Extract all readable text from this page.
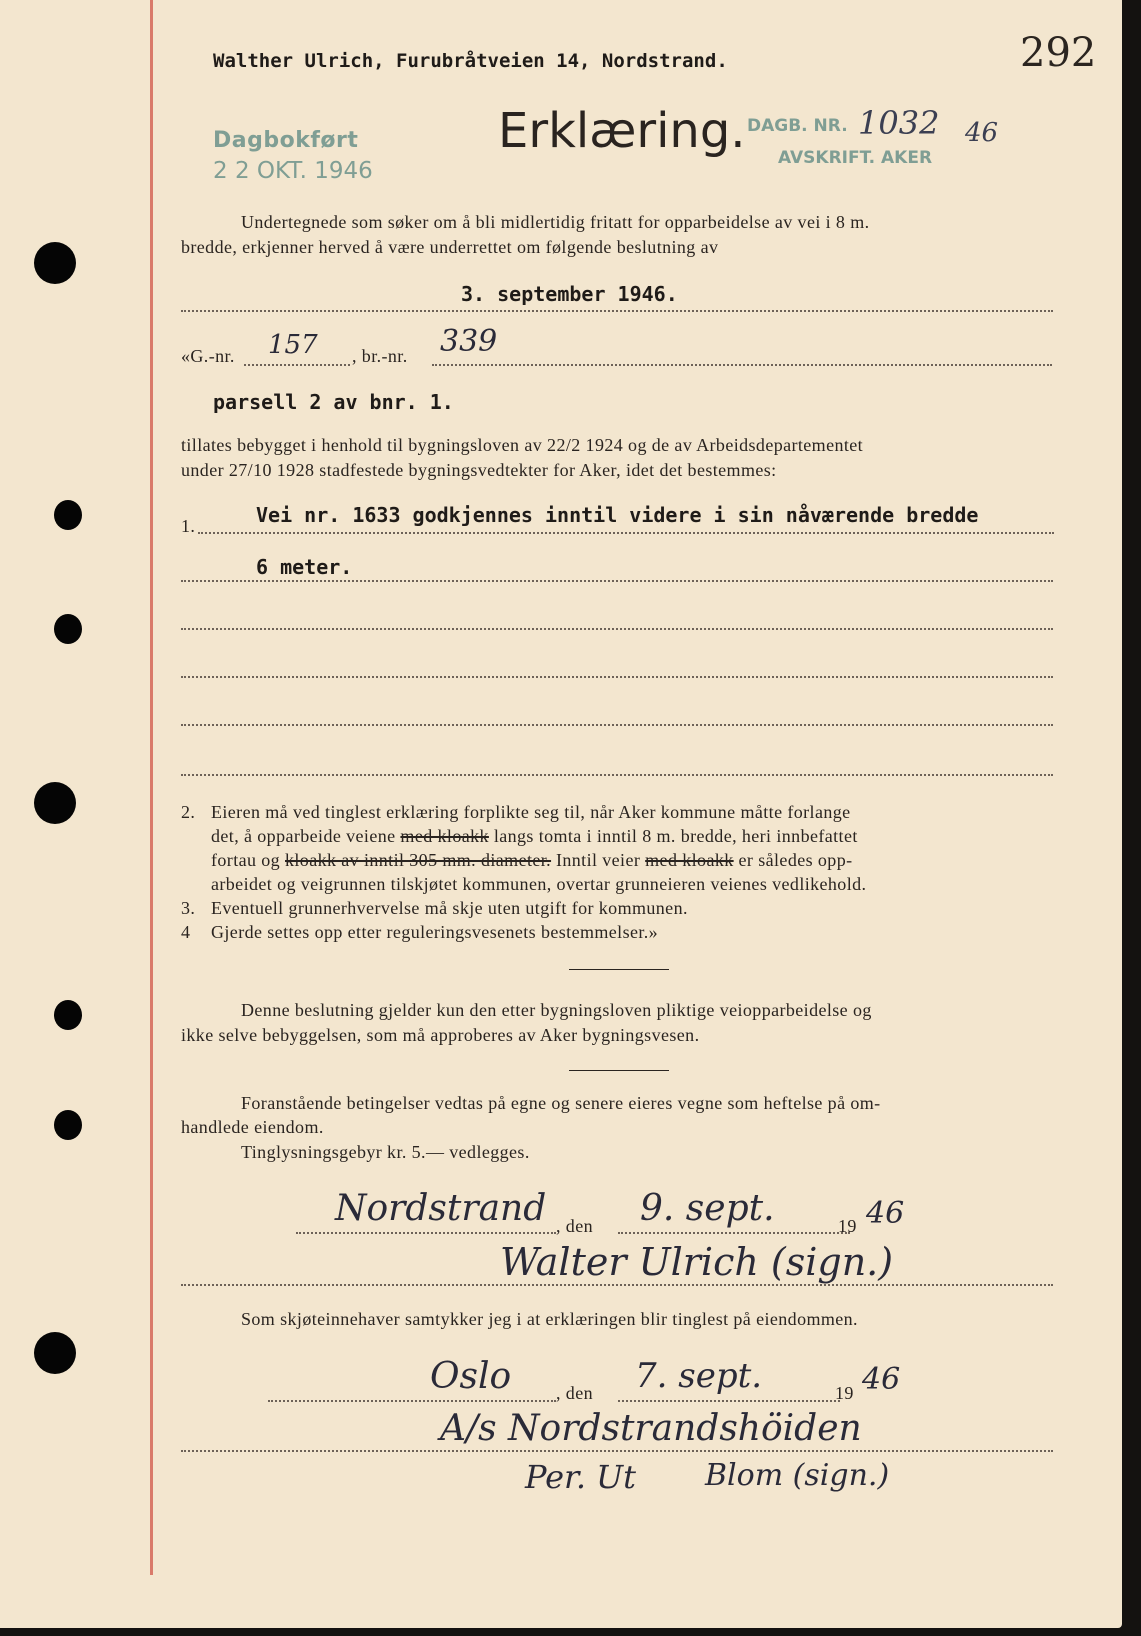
Walther Ulrich, Furubråtveien 14, Nordstrand.	292
Dagbokført
2 2 OKT. 1946
Erklæring. DAGB. NR. 1032 46
AVSKRIFT. AKER
Undertegnede som søker om å bli midlertidig fritatt for opparbeidelse av vei i 8 m.
bredde, erkjenner herved å være underrettet om følgende beslutning av
3. september 1946.
«G.-nr. 157 , br.-nr. 339
parsell 2 av bnr. 1.
tillates bebygget i henhold til bygningsloven av 22/2 1924 og de av Arbeidsdepartementet
under 27/10 1928 stadfestede bygningsvedtekter for Aker, idet det bestemmes:
1.	Vei nr. 1633 godkjennes inntil videre i sin nåværende bredde
6 meter.
2. Eieren må ved tinglest erklæring forplikte seg til, når Aker kommune måtte forlange
det, å opparbeide veiene med kloakk langs tomta i inntil 8 m. bredde, heri innbefattet
fortau og kloakk av inntil 305 mm. diameter. Inntil veier med kloakk er således opp-
arbeidet og veigrunnen tilskjøtet kommunen, overtar grunneieren veienes vedlikehold.
3. Eventuell grunnerhvervelse må skje uten utgift for kommunen.
4 Gjerde settes opp etter reguleringsvesenets bestemmelser.»
Denne beslutning gjelder kun den etter bygningsloven pliktige veiopparbeidelse og
ikke selve bebyggelsen, som må approberes av Aker bygningsvesen.
Foranstående betingelser vedtas på egne og senere eieres vegne som heftelse på om-
handlede eiendom.
Tinglysningsgebyr kr. 5.— vedlegges.
Nordstrand , den 9. sept.	19 46
Walter Ulrich (sign.)
Som skjøteinnehaver samtykker jeg i at erklæringen blir tinglest på eiendommen.
Oslo , den 7. sept.	19 46
A/s Nordstrandshöiden
Per. Ut Blom (sign.)
